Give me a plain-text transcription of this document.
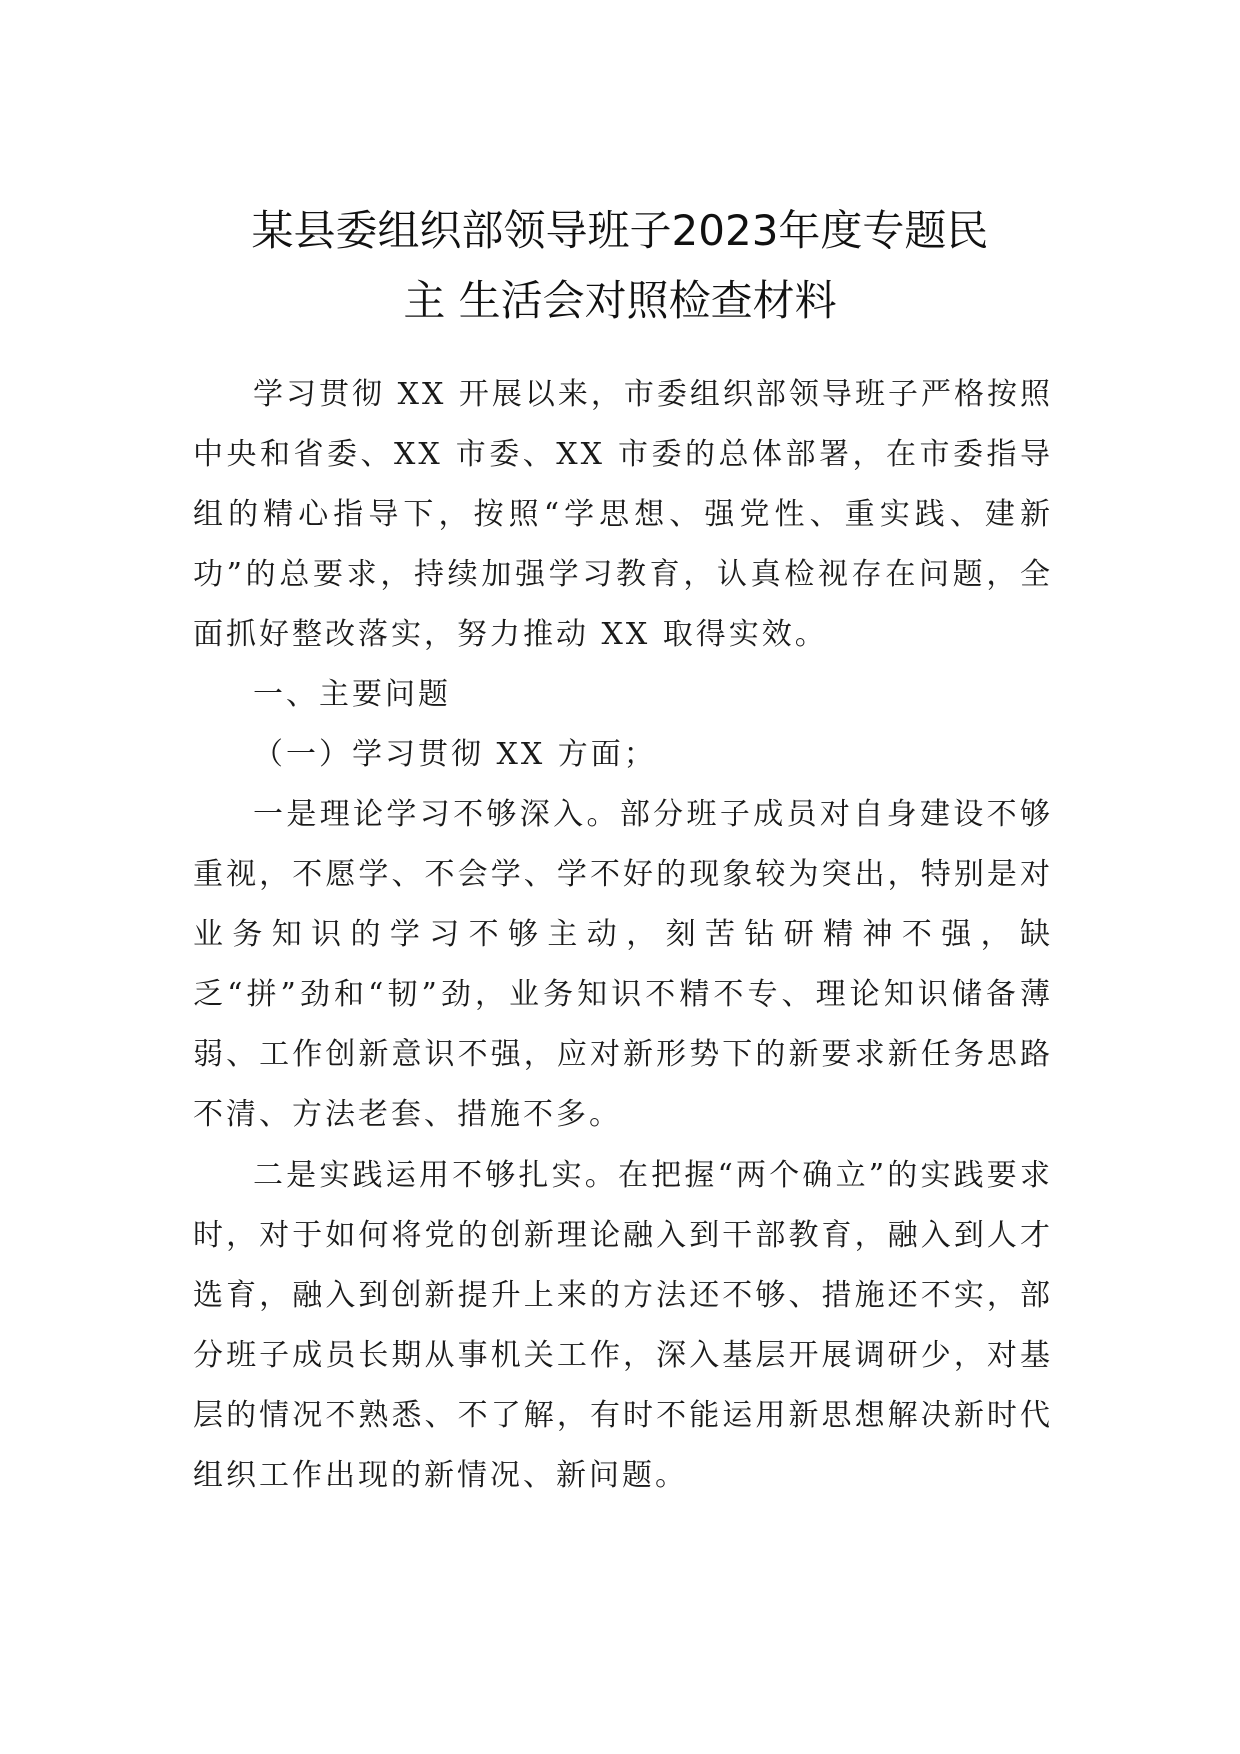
某县委组织部领导班子2023年度专题民
主 生活会对照检查材料

学习贯彻 XX 开展以来，市委组织部领导班子严格按照中央和省委、XX 市委、XX 市委的总体部署，在市委指导组的精心指导下，按照“学思想、强党性、重实践、建新功”的总要求，持续加强学习教育，认真检视存在问题，全面抓好整改落实，努力推动 XX 取得实效。

一、主要问题

（一）学习贯彻 XX 方面；

一是理论学习不够深入。部分班子成员对自身建设不够重视，不愿学、不会学、学不好的现象较为突出，特别是对业务知识的学习不够主动，刻苦钻研精神不强，缺乏“拼”劲和“韧”劲，业务知识不精不专、理论知识储备薄弱、工作创新意识不强，应对新形势下的新要求新任务思路不清、方法老套、措施不多。

二是实践运用不够扎实。在把握“两个确立”的实践要求时，对于如何将党的创新理论融入到干部教育，融入到人才选育，融入到创新提升上来的方法还不够、措施还不实，部分班子成员长期从事机关工作，深入基层开展调研少，对基层的情况不熟悉、不了解，有时不能运用新思想解决新时代组织工作出现的新情况、新问题。
